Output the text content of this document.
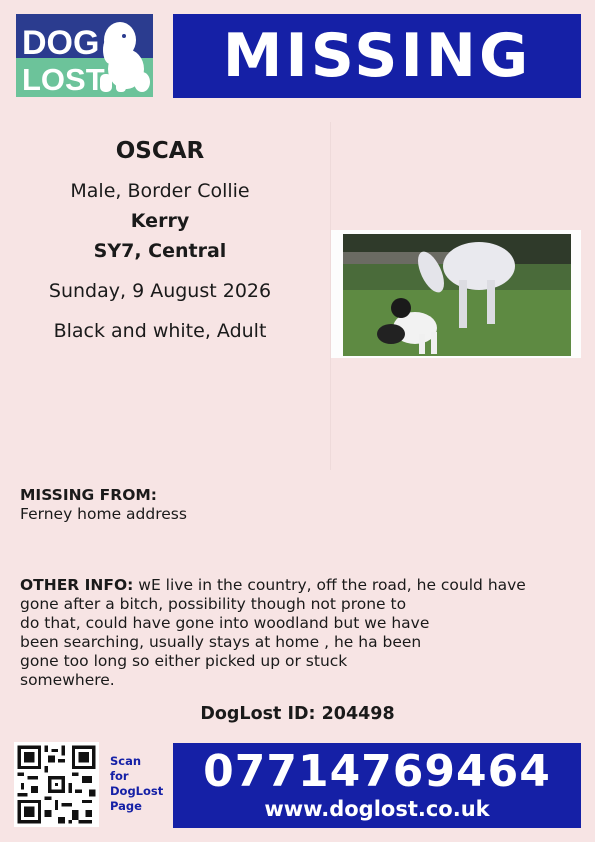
DOG
LOST MISSING
OSCAR
Male, Border Collie
Kerry
SY7, Central
Sunday, 9 August 2026
Black and white, Adult
MISSING FROM:
Ferney home address
OTHER INFO: wE live in the country, off the road, he could have
gone after a bitch, possibility though not prone to
do that, could have gone into woodland but we have
been searching, usually stays at home , he ha been
gone too long so either picked up or stuck
somewhere.
DogLost ID: 204498
Scan
for
DogLost
Page
07714769464
www.doglost.co.uk
